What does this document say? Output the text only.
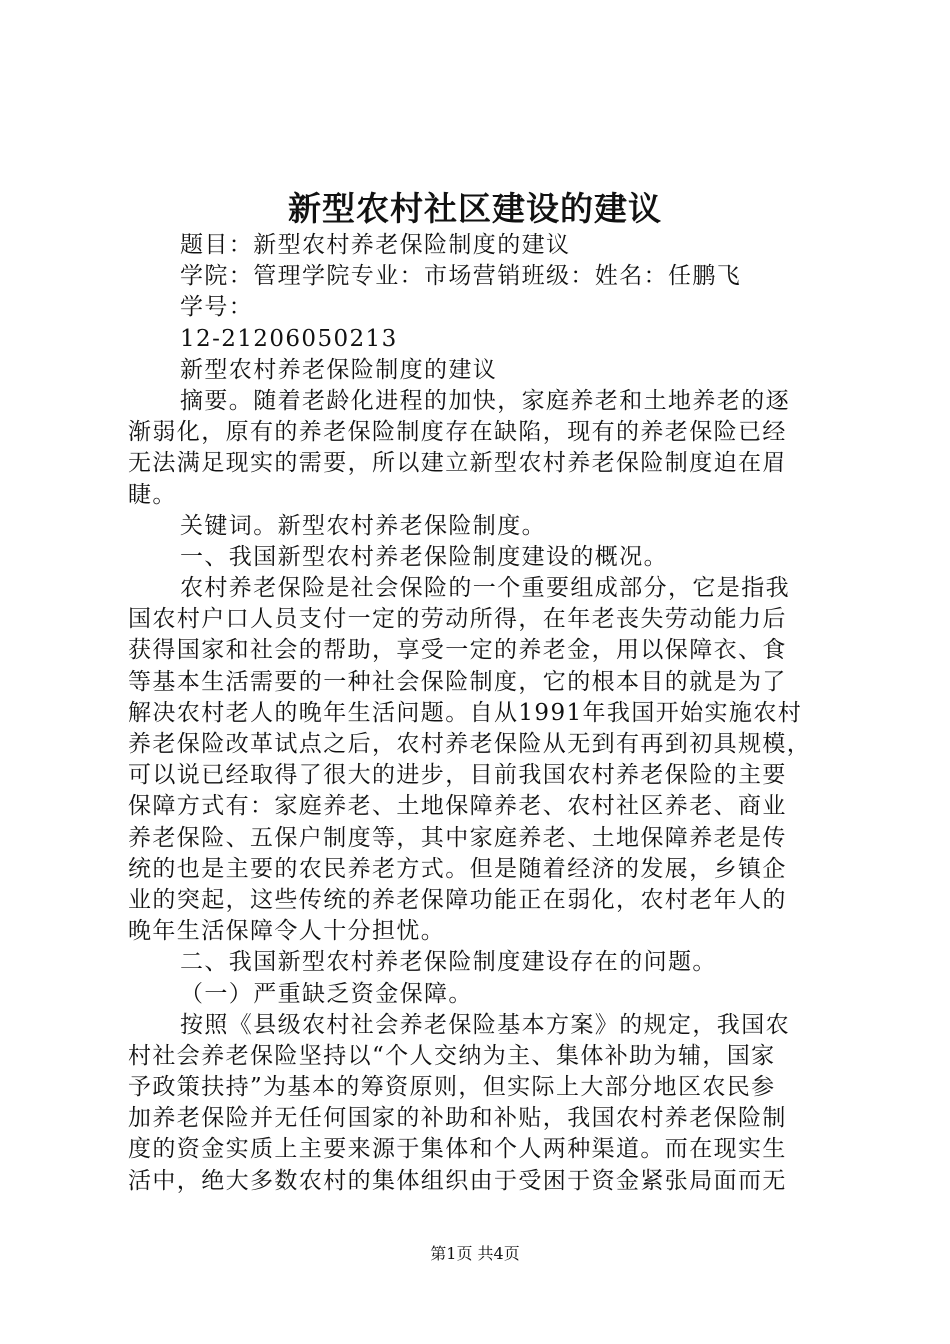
新型农村社区建设的建议
题目：新型农村养老保险制度的建议
学院：管理学院专业：市场营销班级：姓名：任鹏飞
学号：
12-21206050213
新型农村养老保险制度的建议
摘要。随着老龄化进程的加快，家庭养老和土地养老的逐
渐弱化，原有的养老保险制度存在缺陷，现有的养老保险已经
无法满足现实的需要，所以建立新型农村养老保险制度迫在眉
睫。
关键词。新型农村养老保险制度。
一、我国新型农村养老保险制度建设的概况。
农村养老保险是社会保险的一个重要组成部分，它是指我
国农村户口人员支付一定的劳动所得，在年老丧失劳动能力后
获得国家和社会的帮助，享受一定的养老金，用以保障衣、食
等基本生活需要的一种社会保险制度，它的根本目的就是为了
解决农村老人的晚年生活问题。自从1991年我国开始实施农村
养老保险改革试点之后，农村养老保险从无到有再到初具规模，
可以说已经取得了很大的进步，目前我国农村养老保险的主要
保障方式有：家庭养老、土地保障养老、农村社区养老、商业
养老保险、五保户制度等，其中家庭养老、土地保障养老是传
统的也是主要的农民养老方式。但是随着经济的发展，乡镇企
业的突起，这些传统的养老保障功能正在弱化，农村老年人的
晚年生活保障令人十分担忧。
二、我国新型农村养老保险制度建设存在的问题。
（一）严重缺乏资金保障。
按照《县级农村社会养老保险基本方案》的规定，我国农
村社会养老保险坚持以“个人交纳为主、集体补助为辅，国家
予政策扶持”为基本的筹资原则，但实际上大部分地区农民参
加养老保险并无任何国家的补助和补贴，我国农村养老保险制
度的资金实质上主要来源于集体和个人两种渠道。而在现实生
活中，绝大多数农村的集体组织由于受困于资金紧张局面而无
第1页 共4页
